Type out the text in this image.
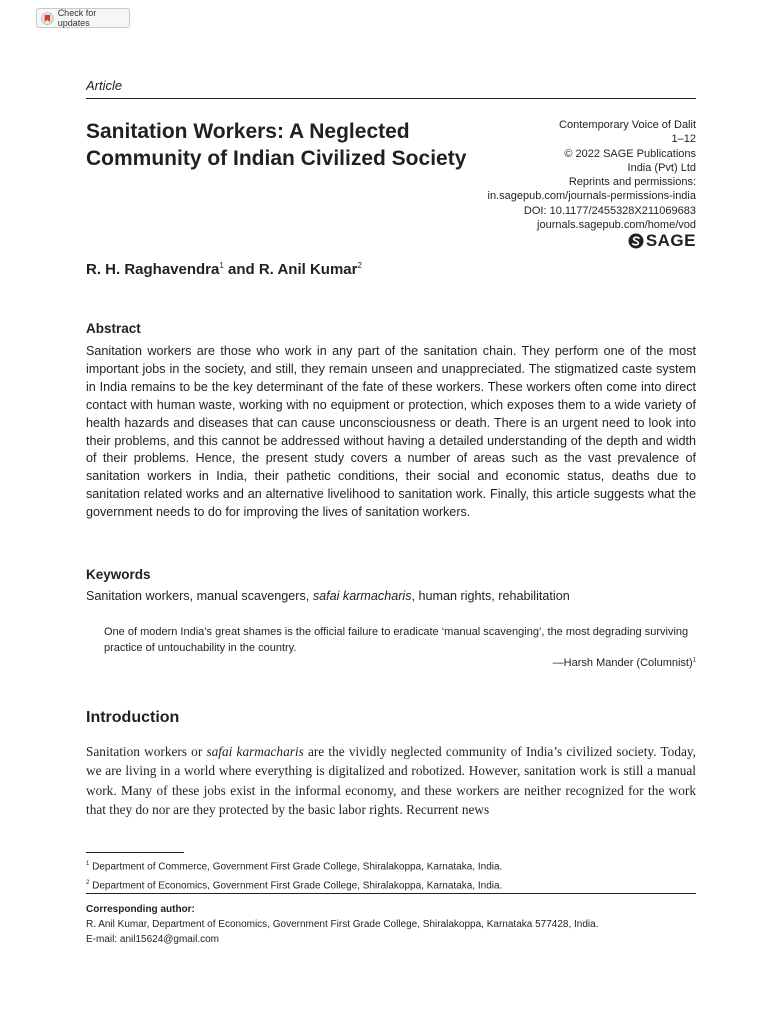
Check for updates
Article
Sanitation Workers: A Neglected Community of Indian Civilized Society
Contemporary Voice of Dalit
1–12
© 2022 SAGE Publications
India (Pvt) Ltd
Reprints and permissions:
in.sagepub.com/journals-permissions-india
DOI: 10.1177/2455328X211069683
journals.sagepub.com/home/vod
SAGE
R. H. Raghavendra$^1$ and R. Anil Kumar$^2$
Abstract

Sanitation workers are those who work in any part of the sanitation chain. They perform one of the most important jobs in the society, and still, they remain unseen and unappreciated. The stigmatized caste system in India remains to be the key determinant of the fate of these workers. These workers often come into direct contact with human waste, working with no equipment or protection, which exposes them to a wide variety of health hazards and diseases that can cause unconsciousness or death. There is an urgent need to look into their problems, and this cannot be addressed without having a detailed understanding of the depth and width of their problems. Hence, the present study covers a number of areas such as the vast prevalence of sanitation workers in India, their pathetic conditions, their social and economic status, deaths due to sanitation related works and an alternative livelihood to sanitation work. Finally, this article suggests what the government needs to do for improving the lives of sanitation workers.

Keywords
Sanitation workers, manual scavengers, safai karmacharis, human rights, rehabilitation

One of modern India’s great shames is the official failure to eradicate ‘manual scavenging’, the most degrading surviving practice of untouchability in the country.

—Harsh Mander (Columnist)$^1$
Introduction

Sanitation workers or safai karmacharis are the vividly neglected community of India’s civilized society. Today, we are living in a world where everything is digitalized and robotized. However, sanitation work is still a manual work. Many of these jobs exist in the informal economy, and these workers are neither recognized for the work that they do nor are they protected by the basic labor rights. Recurrent news

$^1$ Department of Commerce, Government First Grade College, Shiralakoppa, Karnataka, India.
$^2$ Department of Economics, Government First Grade College, Shiralakoppa, Karnataka, India.
Corresponding author:
R. Anil Kumar, Department of Economics, Government First Grade College, Shiralakoppa, Karnataka 577428, India.
E-mail: anil15624@gmail.com
